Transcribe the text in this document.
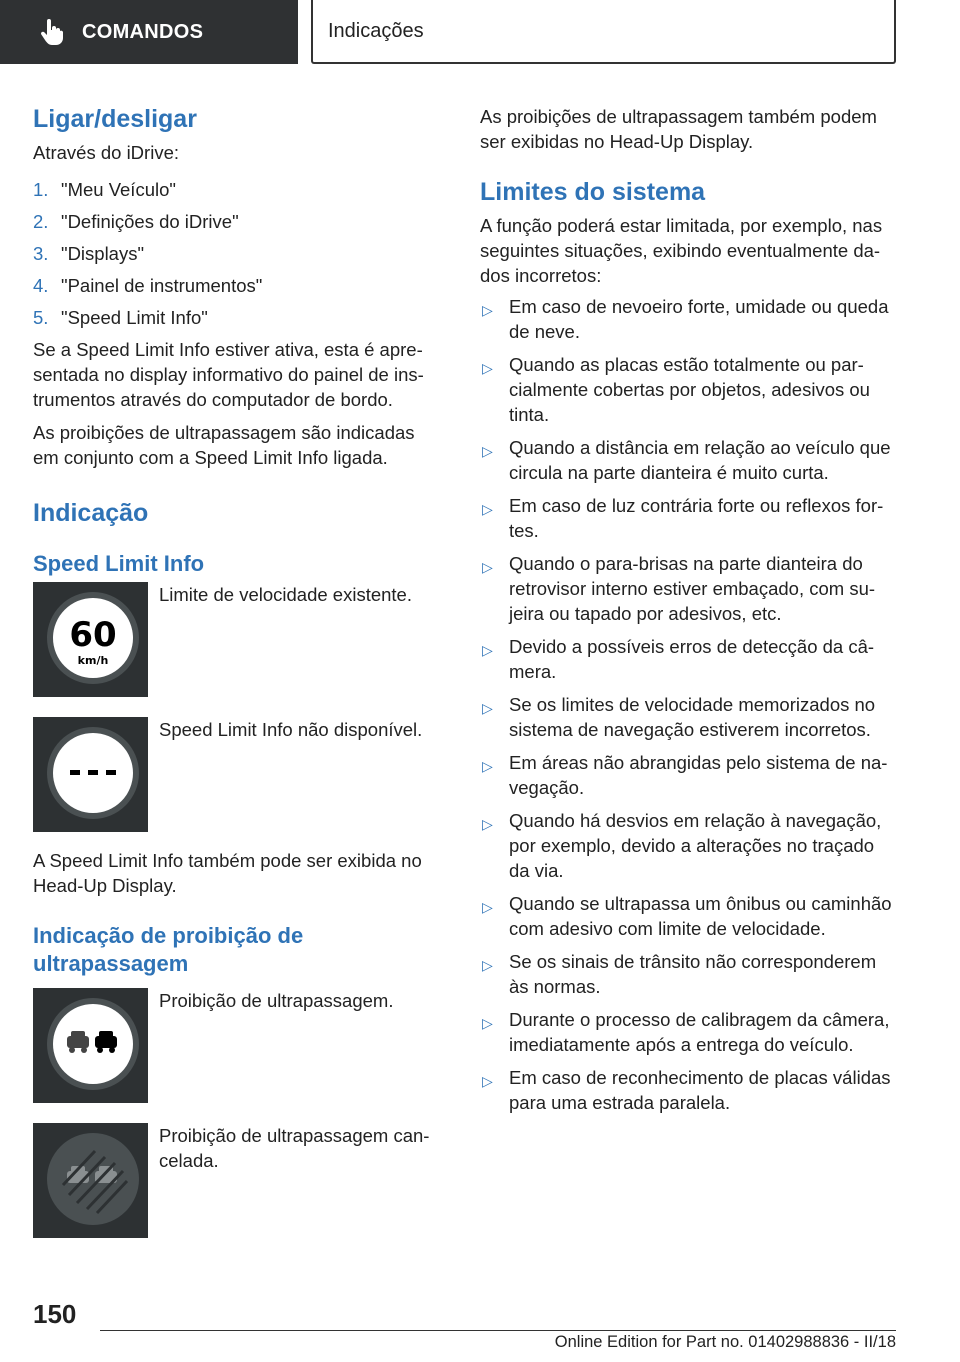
COMANDOS	Indicações
Ligar/desligar

Através do iDrive:

1. "Meu Veículo"
2. "Definições do iDrive"
3. "Displays"
4. "Painel de instrumentos"
5. "Speed Limit Info"

Se a Speed Limit Info estiver ativa, esta é apresentada no display informativo do painel de instrumentos através do computador de bordo.

As proibições de ultrapassagem são indicadas em conjunto com a Speed Limit Info ligada.

Indicação
Speed Limit Info
60
km/h

Limite de velocidade existente.

Speed Limit Info não disponível.

A Speed Limit Info também pode ser exibida no Head-Up Display.

Indicação de proibição de ultrapassagem

Proibição de ultrapassagem.

Proibição de ultrapassagem cancelada.

As proibições de ultrapassagem também podem ser exibidas no Head-Up Display.

Limites do sistema

A função poderá estar limitada, por exemplo, nas seguintes situações, exibindo eventualmente dados incorretos:

▷ Em caso de nevoeiro forte, umidade ou queda de neve.
▷ Quando as placas estão totalmente ou parcialmente cobertas por objetos, adesivos ou tinta.
▷ Quando a distância em relação ao veículo que circula na parte dianteira é muito curta.
▷ Em caso de luz contrária forte ou reflexos fortes.
▷ Quando o para-brisas na parte dianteira do retrovisor interno estiver embaçado, com sujeira ou tapado por adesivos, etc.
▷ Devido a possíveis erros de detecção da câmera.
▷ Se os limites de velocidade memorizados no sistema de navegação estiverem incorretos.
▷ Em áreas não abrangidas pelo sistema de navegação.
▷ Quando há desvios em relação à navegação, por exemplo, devido a alterações no traçado da via.
▷ Quando se ultrapassa um ônibus ou caminhão com adesivo com limite de velocidade.
▷ Se os sinais de trânsito não corresponderem às normas.
▷ Durante o processo de calibragem da câmera, imediatamente após a entrega do veículo.
▷ Em caso de reconhecimento de placas válidas para uma estrada paralela.
150
Online Edition for Part no. 01402988836 - II/18
